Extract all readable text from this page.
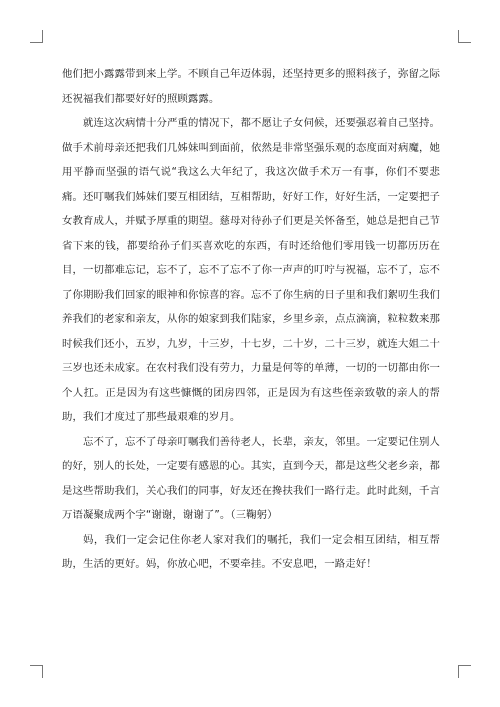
他们把小露露带到来上学。不顾自己年迈体弱，还坚持更多的照料孩子，弥留之际还祝福我们都要好好的照顾露露。

就连这次病情十分严重的情况下，都不愿让子女伺候，还要强忍着自己坚持。做手术前母亲还把我们几姊妹叫到面前，依然是非常坚强乐观的态度面对病魔，她用平静而坚强的语气说“我这么大年纪了，我这次做手术万一有事，你们不要悲痛。还叮嘱我们姊妹们要互相团结，互相帮助，好好工作，好好生活，一定要把子女教育成人，并赋予厚重的期望。慈母对待孙子们更是关怀备至，她总是把自己节省下来的钱，都要给孙子们买喜欢吃的东西，有时还给他们零用钱一切都历历在目，一切都难忘记，忘不了，忘不了忘不了你一声声的叮咛与祝福，忘不了，忘不了你期盼我们回家的眼神和你惊喜的容。忘不了你生病的日子里和我们絮叨生我们养我们的老家和亲友，从你的娘家到我们陆家，乡里乡亲，点点滴滴，粒粒数来那时候我们还小，五岁，九岁，十三岁，十七岁，二十岁，二十三岁，就连大姐二十三岁也还未成家。在农村我们没有劳力，力量是何等的单薄，一切的一切都由你一个人扛。正是因为有这些慷慨的团房四邻，正是因为有这些侄亲致敬的亲人的帮助，我们才度过了那些最艰难的岁月。

忘不了，忘不了母亲叮嘱我们善待老人，长辈，亲友，邻里。一定要记住别人的好，别人的长处，一定要有感恩的心。其实，直到今天，都是这些父老乡亲，都是这些帮助我们，关心我们的同事，好友还在搀扶我们一路行走。此时此刻，千言万语凝聚成两个字“谢谢，谢谢了”。（三鞠躬）

妈，我们一定会记住你老人家对我们的嘱托，我们一定会相互团结，相互帮助，生活的更好。妈，你放心吧，不要牵挂。不安息吧，一路走好！
